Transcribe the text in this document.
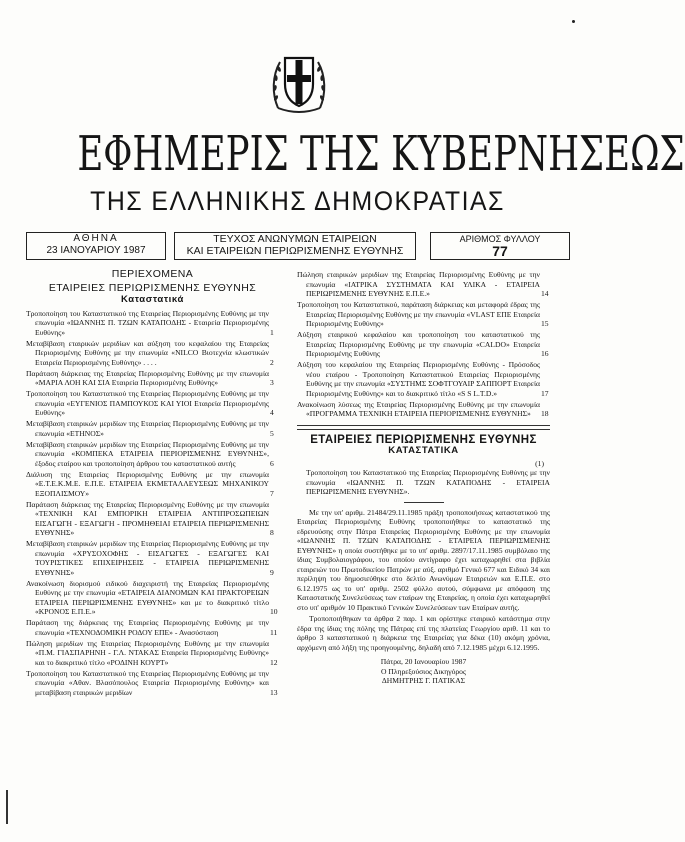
ΕΦΗΜΕΡΙΣ ΤΗΣ ΚΥΒΕΡΝΗΣΕΩΣ
ΤΗΣ ΕΛΛΗΝΙΚΗΣ ΔΗΜΟΚΡΑΤΙΑΣ
ΑΘΗΝΑ
23 ΙΑΝΟΥΑΡΙΟΥ 1987
ΤΕΥΧΟΣ ΑΝΩΝΥΜΩΝ ΕΤΑΙΡΕΙΩΝ
ΚΑΙ ΕΤΑΙΡΕΙΩΝ ΠΕΡΙΩΡΙΣΜΕΝΗΣ ΕΥΘΥΝΗΣ
ΑΡΙΘΜΟΣ ΦΥΛΛΟΥ
77
ΠΕΡΙΕΧΟΜΕΝΑ
ΕΤΑΙΡΕΙΕΣ ΠΕΡΙΩΡΙΣΜΕΝΗΣ ΕΥΘΥΝΗΣ
Καταστατικά
Τροποποίηση του Καταστατικού της Εταιρείας Περιορισμένης Ευθύνης με την επωνυμία «ΙΩΑΝΝΗΣ Π. ΤΖΩΝ ΚΑΤΑΠΟΔΗΣ - Εταιρεία Περιορισμένης Ευθύνης»	1
Μεταβίβαση εταιρικών μεριδίων και αύξηση του κεφαλαίου της Εταιρείας Περιορισμένης Ευθύνης με την επωνυμία «NILCO Βιοτεχνία κλωστικών Εταιρεία Περιορισμένης Ευθύνης» . . . .	2
Παράταση διάρκειας της Εταιρείας Περιορισμένης Ευθύνης με την επωνυμία «ΜΑΡΙΑ ΛΟΗ ΚΑΙ ΣΙΑ Εταιρεία Περιορισμένης Ευθύνης»	3
Τροποποίηση του Καταστατικού της Εταιρείας Περιορισμένης Ευθύνης με την επωνυμία «ΕΥΓΕΝΙΟΣ ΠΑΜΠΟΥΚΟΣ ΚΑΙ ΥΙΟΙ Εταιρεία Περιορισμένης Ευθύνης»	4
Μεταβίβαση εταιρικών μεριδίων της Εταιρείας Περιορισμένης Ευθύνης με την επωνυμία «ΕΤΗΝΟΣ»	5
Μεταβίβαση εταιρικών μεριδίων της Εταιρείας Περιορισμένης Ευθύνης με την επωνυμία «ΚΟΜΠΕΚΑ ΕΤΑΙΡΕΙΑ ΠΕΡΙΟΡΙΣΜΕΝΗΣ ΕΥΘΥΝΗΣ», έξοδος εταίρου και τροποποίηση άρθρου του καταστατικού αυτής	6
Διάλυση της Εταιρείας Περιορισμένης Ευθύνης με την επωνυμία «Ε.Τ.Ε.Κ.Μ.Ε. Ε.Π.Ε. ΕΤΑΙΡΕΙΑ ΕΚΜΕΤΑΛΛΕΥΣΕΩΣ ΜΗΧΑΝΙΚΟΥ ΕΞΟΠΛΙΣΜΟΥ»	7
Παράταση διάρκειας της Εταιρείας Περιορισμένης Ευθύνης με την επωνυμία «ΤΕΧΝΙΚΗ ΚΑΙ ΕΜΠΟΡΙΚΗ ΕΤΑΙΡΕΙΑ ΑΝΤΙΠΡΟΣΩΠΕΙΩΝ ΕΙΣΑΓΩΓΗ - ΕΞΑΓΩΓΗ - ΠΡΟΜΗΘΕΙΑΙ ΕΤΑΙΡΕΙΑ ΠΕΡΙΩΡΙΣΜΕΝΗΣ ΕΥΘΥΝΗΣ»	8
Μεταβίβαση εταιρικών μεριδίων της Εταιρείας Περιορισμένης Ευθύνης με την επωνυμία «ΧΡΥΣΟΧΟΦΗΣ - ΕΙΣΑΓΩΓΕΣ - ΕΞΑΓΩΓΕΣ ΚΑΙ ΤΟΥΡΙΣΤΙΚΕΣ ΕΠΙΧΕΙΡΗΣΕΙΣ - ΕΤΑΙΡΕΙΑ ΠΕΡΙΩΡΙΣΜΕΝΗΣ ΕΥΘΥΝΗΣ»	9
Ανακοίνωση διορισμού ειδικού διαχειριστή της Εταιρείας Περιορισμένης Ευθύνης με την επωνυμία «ΕΤΑΙΡΕΙΑ ΔΙΑΝΟΜΩΝ ΚΑΙ ΠΡΑΚΤΟΡΕΙΩΝ ΕΤΑΙΡΕΙΑ ΠΕΡΙΩΡΙΣΜΕΝΗΣ ΕΥΘΥΝΗΣ» και με το διακριτικό τίτλο «ΚΡΟΝΟΣ Ε.Π.Ε.»	10
Παράταση της διάρκειας της Εταιρείας Περιορισμένης Ευθύνης με την επωνυμία «ΤΕΧΝΟΔΟΜΙΚΗ ΡΟΔΟΥ ΕΠΕ» - Ανασύσταση	11
Πώληση μεριδίων της Εταιρείας Περιορισμένης Ευθύνης με την επωνυμία «Π.Μ. ΓΙΑΣΠΑΡΗΝΗ - Γ.Λ. ΝΤΑΚΑΣ Εταιρεία Περιορισμένης Ευθύνης» και το διακριτικό τίτλο «ΡΟΔΙΝΗ ΚΟΥΡΤ»	12
Τροποποίηση του Καταστατικού της Εταιρείας Περιορισμένης Ευθύνης με την επωνυμία «Αθαν. Βλασόπουλος Εταιρεία Περιορισμένης Ευθύνης» και μεταβίβαση εταιρικών μεριδίων	13
Πώληση εταιρικών μεριδίων της Εταιρείας Περιορισμένης Ευθύνης με την επωνυμία «ΙΑΤΡΙΚΑ ΣΥΣΤΗΜΑΤΑ ΚΑΙ ΥΛΙΚΑ - ΕΤΑΙΡΕΙΑ ΠΕΡΙΩΡΙΣΜΕΝΗΣ ΕΥΘΥΝΗΣ Ε.Π.Ε.»	14
Τροποποίηση του Καταστατικού, παράταση διάρκειας και μεταφορά έδρας της Εταιρείας Περιορισμένης Ευθύνης με την επωνυμία «VLAST ΕΠΕ Εταιρεία Περιορισμένης Ευθύνης»	15
Αύξηση εταιρικού κεφαλαίου και τροποποίηση του καταστατικού της Εταιρείας Περιορισμένης Ευθύνης με την επωνυμία «CALDO» Εταιρεία Περιορισμένης Ευθύνης	16
Αύξηση του κεφαλαίου της Εταιρείας Περιορισμένης Ευθύνης - Πρόσοδος νέου εταίρου - Τροποποίηση Καταστατικού Εταιρείας Περιορισμένης Ευθύνης με την επωνυμία «ΣΥΣΤΗΜΣ ΣΟΦΤΓΟΥΑΙΡ ΣΑΠΠΟΡΤ Εταιρεία Περιορισμένης Ευθύνης» και το διακριτικό τίτλο «S S L.T.D.»	17
Ανακοίνωση λύσεως της Εταιρείας Περιορισμένης Ευθύνης με την επωνυμία «ΠΡΟΓΡΑΜΜΑ ΤΕΧΝΙΚΗ ΕΤΑΙΡΕΙΑ ΠΕΡΙΟΡΙΣΜΕΝΗΣ ΕΥΘΥΝΗΣ» 18
ΕΤΑΙΡΕΙΕΣ ΠΕΡΙΩΡΙΣΜΕΝΗΣ ΕΥΘΥΝΗΣ
ΚΑΤΑΣΤΑΤΙΚΑ
(1)
Τροποποίηση του Καταστατικού της Εταιρείας Περιορισμένης Ευθύνης με την επωνυμία «ΙΩΑΝΝΗΣ Π. ΤΖΩΝ ΚΑΤΑΠΟΔΗΣ - ΕΤΑΙΡΕΙΑ ΠΕΡΙΩΡΙΣΜΕΝΗΣ ΕΥΘΥΝΗΣ».
Με την υπ' αριθμ. 21484/29.11.1985 πράξη τροποποιήσεως καταστατικού της Εταιρείας Περιορισμένης Ευθύνης τροποποιήθηκε το καταστατικό της εδρευούσης στην Πάτρα Εταιρείας Περιορισμένης Ευθύνης με την επωνυμία «ΙΩΑΝΝΗΣ Π. ΤΖΩΝ ΚΑΤΑΠΟΔΗΣ - ΕΤΑΙΡΕΙΑ ΠΕΡΙΩΡΙΣΜΕΝΗΣ ΕΥΘΥΝΗΣ» η οποία συστήθηκε με το υπ' αριθμ. 2897/17.11.1985 συμβόλαιο της ίδιας Συμβολαιογράφου, του οποίου αντίγραφο έχει καταχωρηθεί στα βιβλία εταιρειών του Πρωτοδικείου Πατρών με αύξ. αριθμό Γενικό 677 και Ειδικό 34 και περίληψη του δημοσιεύθηκε στο δελτίο Ανωνύμων Εταιρειών και Ε.Π.Ε. στο 6.12.1975 ως το υπ' αριθμ. 2502 φύλλο αυτού, σύμφωνα με απόφαση της Καταστατικής Συνελεύσεως των εταίρων της Εταιρείας, η οποία έχει καταχωρηθεί στο υπ' αριθμόν 10 Πρακτικό Γενικών Συνελεύσεων των Εταίρων αυτής.
Τροποποιήθηκαν τα άρθρα 2 παρ. 1 και ορίστηκε εταιρικό κατάστημα στην έδρα της ίδιας της πόλης της Πάτρας επί της πλατείας Γεωργίου αριθ. 11 και το άρθρο 3 καταστατικού η διάρκεια της Εταιρείας για δέκα (10) ακόμη χρόνια, αρχόμενη από λήξη της προηγουμένης, δηλαδή από 7.12.1985 μέχρι 6.12.1995.
Πάτρα, 20 Ιανουαρίου 1987
Ο Πληρεξούσιος Δικηγόρος
ΔΗΜΗΤΡΗΣ Γ. ΠΑΤΙΚΑΣ
